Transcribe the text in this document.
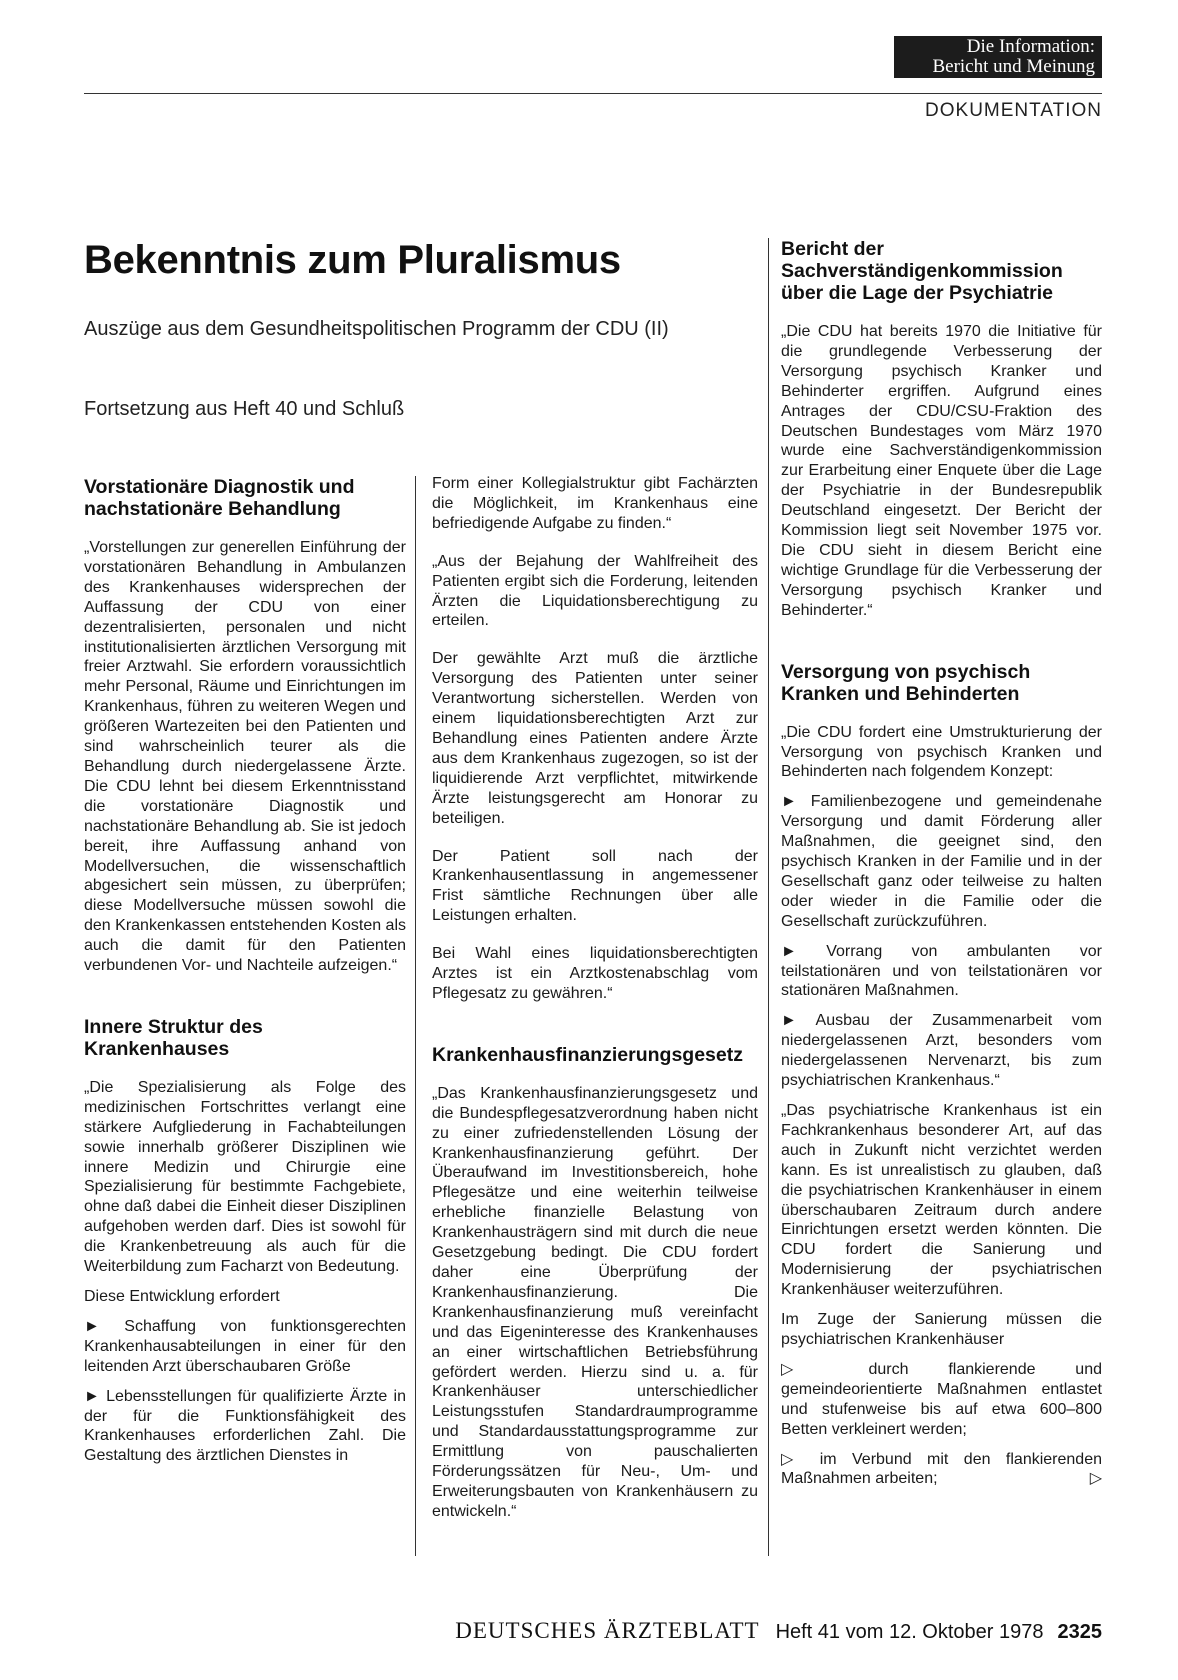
Die Information:
Bericht und Meinung
DOKUMENTATION
Bekenntnis zum Pluralismus
Auszüge aus dem Gesundheitspolitischen Programm der CDU (II)
Fortsetzung aus Heft 40 und Schluß
Vorstationäre Diagnostik und nachstationäre Behandlung

„Vorstellungen zur generellen Einführung der vorstationären Behandlung in Ambulanzen des Krankenhauses widersprechen der Auffassung der CDU von einer dezentralisierten, personalen und nicht institutionalisierten ärztlichen Versorgung mit freier Arztwahl. Sie erfordern voraussichtlich mehr Personal, Räume und Einrichtungen im Krankenhaus, führen zu weiteren Wegen und größeren Wartezeiten bei den Patienten und sind wahrscheinlich teurer als die Behandlung durch niedergelassene Ärzte. Die CDU lehnt bei diesem Erkenntnisstand die vorstationäre Diagnostik und nachstationäre Behandlung ab. Sie ist jedoch bereit, ihre Auffassung anhand von Modellversuchen, die wissenschaftlich abgesichert sein müssen, zu überprüfen; diese Modellversuche müssen sowohl die den Krankenkassen entstehenden Kosten als auch die damit für den Patienten verbundenen Vor- und Nachteile aufzeigen.“

Innere Struktur des Krankenhauses

„Die Spezialisierung als Folge des medizinischen Fortschrittes verlangt eine stärkere Aufgliederung in Fachabteilungen sowie innerhalb größerer Disziplinen wie innere Medizin und Chirurgie eine Spezialisierung für bestimmte Fachgebiete, ohne daß dabei die Einheit dieser Disziplinen aufgehoben werden darf. Dies ist sowohl für die Krankenbetreuung als auch für die Weiterbildung zum Facharzt von Bedeutung.

Diese Entwicklung erfordert

► Schaffung von funktionsgerechten Krankenhausabteilungen in einer für den leitenden Arzt überschaubaren Größe

► Lebensstellungen für qualifizierte Ärzte in der für die Funktionsfähigkeit des Krankenhauses erforderlichen Zahl. Die Gestaltung des ärztlichen Dienstes in

Form einer Kollegialstruktur gibt Fachärzten die Möglichkeit, im Krankenhaus eine befriedigende Aufgabe zu finden.“

„Aus der Bejahung der Wahlfreiheit des Patienten ergibt sich die Forderung, leitenden Ärzten die Liquidationsberechtigung zu erteilen.

Der gewählte Arzt muß die ärztliche Versorgung des Patienten unter seiner Verantwortung sicherstellen. Werden von einem liquidationsberechtigten Arzt zur Behandlung eines Patienten andere Ärzte aus dem Krankenhaus zugezogen, so ist der liquidierende Arzt verpflichtet, mitwirkende Ärzte leistungsgerecht am Honorar zu beteiligen.

Der Patient soll nach der Krankenhausentlassung in angemessener Frist sämtliche Rechnungen über alle Leistungen erhalten.

Bei Wahl eines liquidationsberechtigten Arztes ist ein Arztkostenabschlag vom Pflegesatz zu gewähren.“

Krankenhausfinanzierungsgesetz

„Das Krankenhausfinanzierungsgesetz und die Bundespflegesatzverordnung haben nicht zu einer zufriedenstellenden Lösung der Krankenhausfinanzierung geführt. Der Überaufwand im Investitionsbereich, hohe Pflegesätze und eine weiterhin teilweise erhebliche finanzielle Belastung von Krankenhausträgern sind mit durch die neue Gesetzgebung bedingt. Die CDU fordert daher eine Überprüfung der Krankenhausfinanzierung. Die Krankenhausfinanzierung muß vereinfacht und das Eigeninteresse des Krankenhauses an einer wirtschaftlichen Betriebsführung gefördert werden. Hierzu sind u. a. für Krankenhäuser unterschiedlicher Leistungsstufen Standardraumprogramme und Standardausstattungsprogramme zur Ermittlung von pauschalierten Förderungssätzen für Neu-, Um- und Erweiterungsbauten von Krankenhäusern zu entwickeln.“

Bericht der Sachverständigenkommission über die Lage der Psychiatrie

„Die CDU hat bereits 1970 die Initiative für die grundlegende Verbesserung der Versorgung psychisch Kranker und Behinderter ergriffen. Aufgrund eines Antrages der CDU/CSU-Fraktion des Deutschen Bundestages vom März 1970 wurde eine Sachverständigenkommission zur Erarbeitung einer Enquete über die Lage der Psychiatrie in der Bundesrepublik Deutschland eingesetzt. Der Bericht der Kommission liegt seit November 1975 vor. Die CDU sieht in diesem Bericht eine wichtige Grundlage für die Verbesserung der Versorgung psychisch Kranker und Behinderter.“

Versorgung von psychisch Kranken und Behinderten

„Die CDU fordert eine Umstrukturierung der Versorgung von psychisch Kranken und Behinderten nach folgendem Konzept:

► Familienbezogene und gemeindenahe Versorgung und damit Förderung aller Maßnahmen, die geeignet sind, den psychisch Kranken in der Familie und in der Gesellschaft ganz oder teilweise zu halten oder wieder in die Familie oder die Gesellschaft zurückzuführen.

► Vorrang von ambulanten vor teilstationären und von teilstationären vor stationären Maßnahmen.

► Ausbau der Zusammenarbeit vom niedergelassenen Arzt, besonders vom niedergelassenen Nervenarzt, bis zum psychiatrischen Krankenhaus.“

„Das psychiatrische Krankenhaus ist ein Fachkrankenhaus besonderer Art, auf das auch in Zukunft nicht verzichtet werden kann. Es ist unrealistisch zu glauben, daß die psychiatrischen Krankenhäuser in einem überschaubaren Zeitraum durch andere Einrichtungen ersetzt werden könnten. Die CDU fordert die Sanierung und Modernisierung der psychiatrischen Krankenhäuser weiterzuführen.

Im Zuge der Sanierung müssen die psychiatrischen Krankenhäuser

▷ durch flankierende und gemeindeorientierte Maßnahmen entlastet und stufenweise bis auf etwa 600–800 Betten verkleinert werden;

▷ im Verbund mit den flankierenden Maßnahmen arbeiten;	▷

DEUTSCHES ÄRZTEBLATT Heft 41 vom 12. Oktober 1978 2325
